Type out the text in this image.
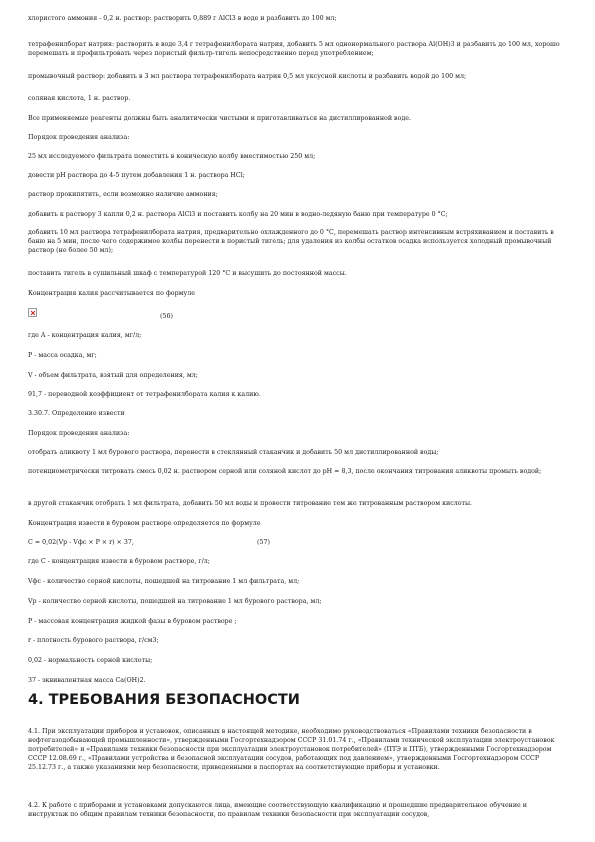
хлористого аммония - 0,2 н. раствор: растворить 0,889 г AlCl3 в воде и разбавить до 100 мл;

тетрафенилборат натрия: растворить в воде 3,4 г тетрафенилбората натрия, добавить 5 мл однонормального раствора Al(OH)3 и разбавить до 100 мл, хорошо перемешать и профильтровать через пористый фильтр-тигель непосредственно перед употреблением;

промывочный раствор: добавить в 3 мл раствора тетрафенилбората натрия 0,5 мл уксусной кислоты и разбавить водой до 100 мл;

соляная кислота, 1 н. раствор.

Все применяемые реагенты должны быть аналитически чистыми и приготавливаться на дистиллированной воде.

Порядок проведения анализа:

25 мл исследуемого фильтрата поместить в коническую колбу вместимостью 250 мл;

довести pH раствора до 4-5 путем добавления 1 н. раствора HCl;

раствор прокипятить, если возможно наличие аммония;

добавить к раствору 3 капли 0,2 н. раствора AlCl3 и поставить колбу на 20 мин в водно-ледяную баню при температуре 0 °С;

добавить 10 мл раствора тетрафенилбората натрия, предварительно охлажденного до 0 °С, перемешать раствор интенсивным встряхиванием и поставить в баню на 5 мин, после чего содержимое колбы перенести в пористый тигель; для удаления из колбы остатков осадка используется холодный промывочный раствор (не более 50 мл);

поставить тигель в сушильный шкаф с температурой 120 °С и высушить до постоянной массы.

Концентрация калия рассчитывается по формуле

(56)

где A - концентрация калия, мг/л;

P - масса осадка, мг;

V - объем фильтрата, взятый для определения, мл;

91,7 - переводной коэффициент от тетрафенилбората калия к калию.

3.30.7. Определение извести

Порядок проведения анализа:

отобрать аликвоту 1 мл бурового раствора, перенести в стеклянный стаканчик и добавить 50 мл дистиллированной воды;

потенциометрически титровать смесь 0,02 н. раствором серной или соляной кислот до pH = 8,3, после окончания титрования аликвоты промыть водой;

в другой стаканчик отобрать 1 мл фильтрата, добавить 50 мл воды и провести титрование тем же титрованным раствором кислоты.

Концентрация извести в буровом растворе определяется по формуле

C = 0,02(Vр - Vфс × P × r) × 37,	(57)

где C - концентрация извести в буровом растворе, г/л;

Vфс - количество серной кислоты, пошедшей на титрование 1 мл фильтрата, мл;

Vр - количество серной кислоты, пошедшей на титрование 1 мл бурового раствора, мл;

P - массовая концентрация жидкой фазы в буровом растворе ;

r - плотность бурового раствора, г/см3;

0,02 - нормальность серной кислоты;

37 - эквивалентная масса Ca(OH)2.

4. ТРЕБОВАНИЯ БЕЗОПАСНОСТИ

4.1. При эксплуатации приборов и установок, описанных в настоящей методике, необходимо руководствоваться «Правилами техники безопасности в нефтегазодобывающей промышленности», утвержденными Госгортехнадзором СССР 31.01.74 г., «Правилами технической эксплуатации электроустановок потребителей» и «Правилами техники безопасности при эксплуатации электроустановок потребителей» (ПТЭ и ПТБ), утвержденными Госгортехнадзором СССР 12.08.69 г., «Правилами устройства и безопасной эксплуатации сосудов, работающих под давлением», утвержденными Госгортехнадзором СССР 25.12.73 г., а также указаниями мер безопасности, приведенными в паспортах на соответствующие приборы и установки.

4.2. К работе с приборами и установками допускаются лица, имеющие соответствующую квалификацию и прошедшие предварительное обучение и инструктаж по общим правилам техники безопасности, по правилам техники безопасности при эксплуатации сосудов,
